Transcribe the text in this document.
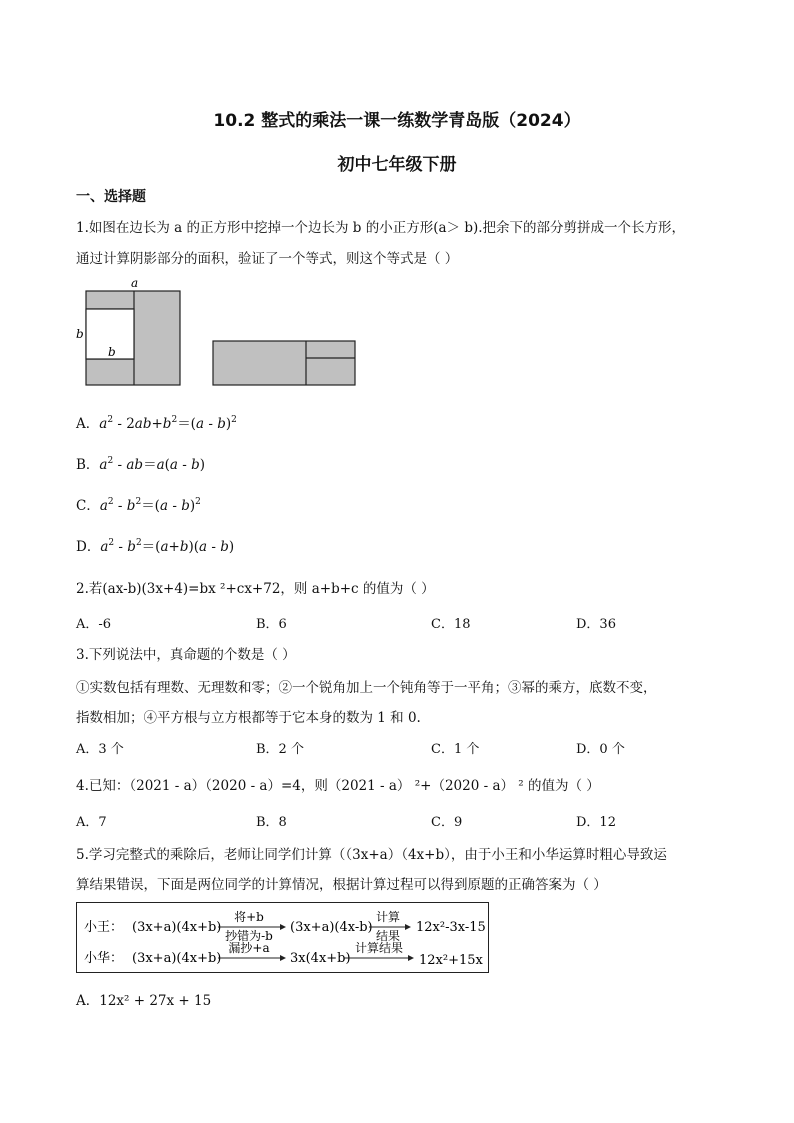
10.2 整式的乘法一课一练数学青岛版（2024）
初中七年级下册
一、选择题
1.如图在边长为 a 的正方形中挖掉一个边长为 b 的小正方形(a＞ b).把余下的部分剪拼成一个长方形，
通过计算阴影部分的面积，验证了一个等式，则这个等式是（ ）
a
b
b
A．$a^2 - 2ab+b^2=(a - b)^2$
B．$a^2 - ab=a(a - b)$
C．$a^2 - b^2=(a - b)^2$
D．$a^2 - b^2=(a+b)(a - b)$
2.若(ax-b)(3x+4)=bx ²+cx+72，则 a+b+c 的值为（ ）
A．-6	B．6	C．18	D．36
3.下列说法中，真命题的个数是（ ）
①实数包括有理数、无理数和零；②一个锐角加上一个钝角等于一平角；③幂的乘方，底数不变，
指数相加；④平方根与立方根都等于它本身的数为 1 和 0.
A．3 个	B．2 个	C．1 个	D．0 个
4.已知：（2021 - a）（2020 - a）=4，则（2021 - a） ²+（2020 - a） ² 的值为（ ）
A．7	B．8	C．9	D．12
5.学习完整式的乘除后，老师让同学们计算（（3x+a）（4x+b），由于小王和小华运算时粗心导致运
算结果错误，下面是两位同学的计算情况，根据计算过程可以得到原题的正确答案为（ ）
小王： (3x+a)(4x+b)
将+b
抄错为-b
(3x+a)(4x-b)
计算
结果
12x²-3x-15
小华： (3x+a)(4x+b)
漏抄+a
3x(4x+b)
计算结果
12x²+15x
A．12x² + 27x + 15
